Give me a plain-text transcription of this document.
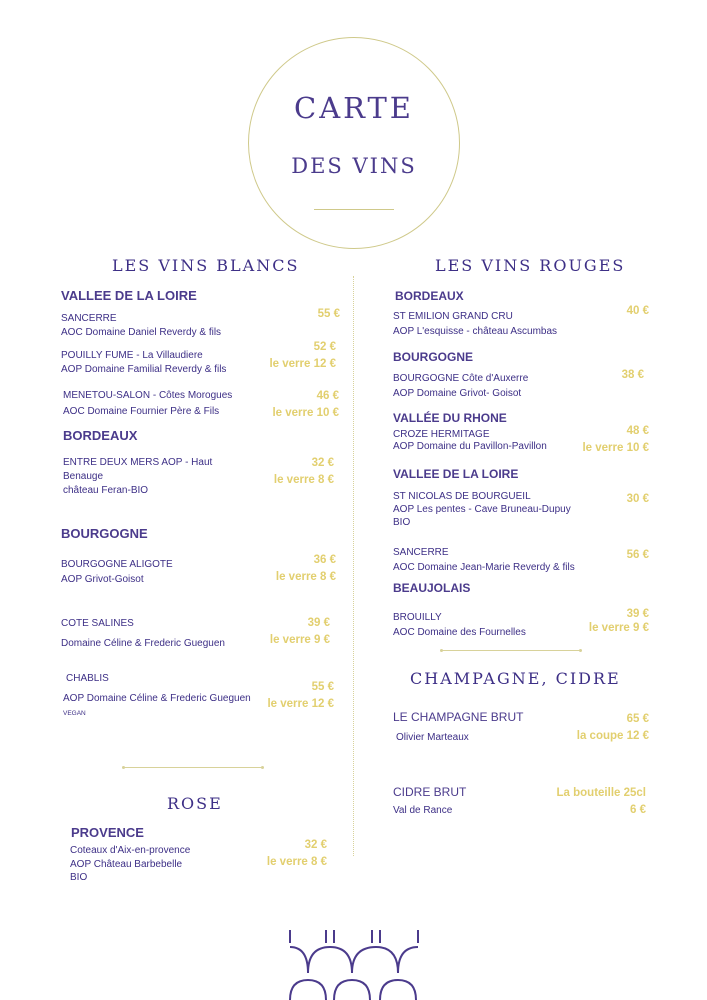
CARTE
DES VINS
LES VINS BLANCS
VALLEE DE LA LOIRE
SANCERRE
AOC Domaine Daniel Reverdy & fils
55 €
POUILLY FUME - La Villaudiere
AOP Domaine Familial Reverdy & fils
52 €
le verre 12 €
MENETOU-SALON - Côtes Morogues
AOC Domaine Fournier Père & Fils
46 €
le verre 10 €
BORDEAUX
ENTRE DEUX MERS AOP - Haut
Benauge
château Feran-BIO
32 €
le verre 8 €
BOURGOGNE
BOURGOGNE ALIGOTE
AOP Grivot-Goisot
36 €
le verre 8 €
COTE SALINES
Domaine Céline & Frederic Gueguen
39 €
le verre 9 €
CHABLIS
AOP Domaine Céline & Frederic Gueguen
VEGAN
55 €
le verre 12 €
ROSE
PROVENCE
Coteaux d'Aix-en-provence
AOP Château Barbebelle
BIO
32 €
le verre 8 €
LES VINS ROUGES
BORDEAUX
ST EMILION GRAND CRU
AOP L'esquisse - château Ascumbas
40 €
BOURGOGNE
BOURGOGNE Côte d'Auxerre
AOP Domaine Grivot- Goisot
38 €
VALLÉE DU RHONE
CROZE HERMITAGE
AOP Domaine du Pavillon-Pavillon
48 €
le verre 10 €
VALLEE DE LA LOIRE
ST NICOLAS DE BOURGUEIL
AOP Les pentes - Cave Bruneau-Dupuy
BIO
30 €
SANCERRE
AOC Domaine Jean-Marie Reverdy & fils
56 €
BEAUJOLAIS
BROUILLY
AOC Domaine des Fournelles
39 €
le verre 9 €
CHAMPAGNE, CIDRE
LE CHAMPAGNE BRUT
Olivier Marteaux
65 €
la coupe 12 €
CIDRE BRUT
Val de Rance
La bouteille 25cl
6 €
